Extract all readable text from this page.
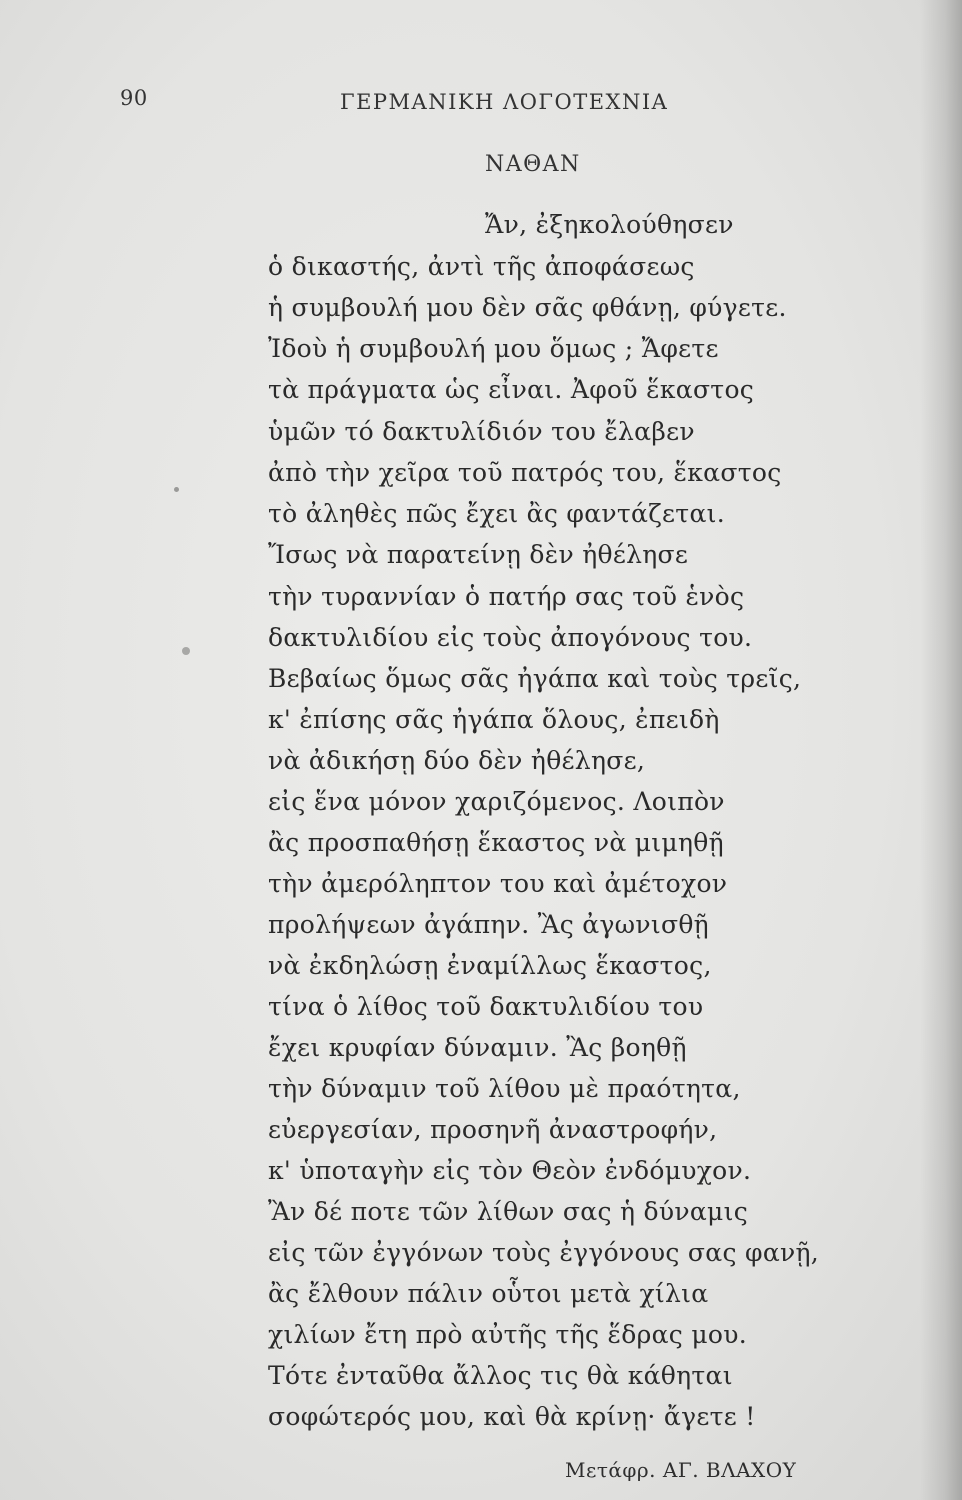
90	ΓΕΡΜΑΝΙΚΗ ΛΟΓΟΤΕΧΝΙΑ
ΝΑΘΑΝ
Ἄν, ἐξηκολούθησεν
ὁ δικαστής, ἀντὶ τῆς ἀποφάσεως
ἡ συμβουλή μου δὲν σᾶς φθάνῃ, φύγετε.
Ἰδοὺ ἡ συμβουλή μου ὅμως ; Ἄφετε
τὰ πράγματα ὡς εἶναι. Ἀφοῦ ἕκαστος
ὑμῶν τό δακτυλίδιόν του ἔλαβεν
ἀπὸ τὴν χεῖρα τοῦ πατρός του, ἕκαστος
τὸ ἀληθὲς πῶς ἔχει ἂς φαντάζεται.
Ἴσως νὰ παρατείνῃ δὲν ἠθέλησε
τὴν τυραννίαν ὁ πατήρ σας τοῦ ἑνὸς
δακτυλιδίου εἰς τοὺς ἀπογόνους του.
Βεβαίως ὅμως σᾶς ἠγάπα καὶ τοὺς τρεῖς,
κ' ἐπίσης σᾶς ἠγάπα ὅλους, ἐπειδὴ
νὰ ἀδικήσῃ δύο δὲν ἠθέλησε,
εἰς ἕνα μόνον χαριζόμενος. Λοιπὸν
ἂς προσπαθήσῃ ἕκαστος νὰ μιμηθῇ
τὴν ἀμερόληπτον του καὶ ἀμέτοχον
προλήψεων ἀγάπην. Ἂς ἀγωνισθῇ
νὰ ἐκδηλώσῃ ἐναμίλλως ἕκαστος,
τίνα ὁ λίθος τοῦ δακτυλιδίου του
ἔχει κρυφίαν δύναμιν. Ἂς βοηθῇ
τὴν δύναμιν τοῦ λίθου μὲ πραότητα,
εὐεργεσίαν, προσηνῆ ἀναστροφήν,
κ' ὑποταγὴν εἰς τὸν Θεὸν ἐνδόμυχον.
Ἂν δέ ποτε τῶν λίθων σας ἡ δύναμις
εἰς τῶν ἐγγόνων τοὺς ἐγγόνους σας φανῇ,
ἂς ἔλθουν πάλιν οὗτοι μετὰ χίλια
χιλίων ἔτη πρὸ αὐτῆς τῆς ἕδρας μου.
Τότε ἐνταῦθα ἄλλος τις θὰ κάθηται
σοφώτερός μου, καὶ θὰ κρίνῃ· ἄγετε !
Μετάφρ. ΑΓ. ΒΛΑΧΟΥ
